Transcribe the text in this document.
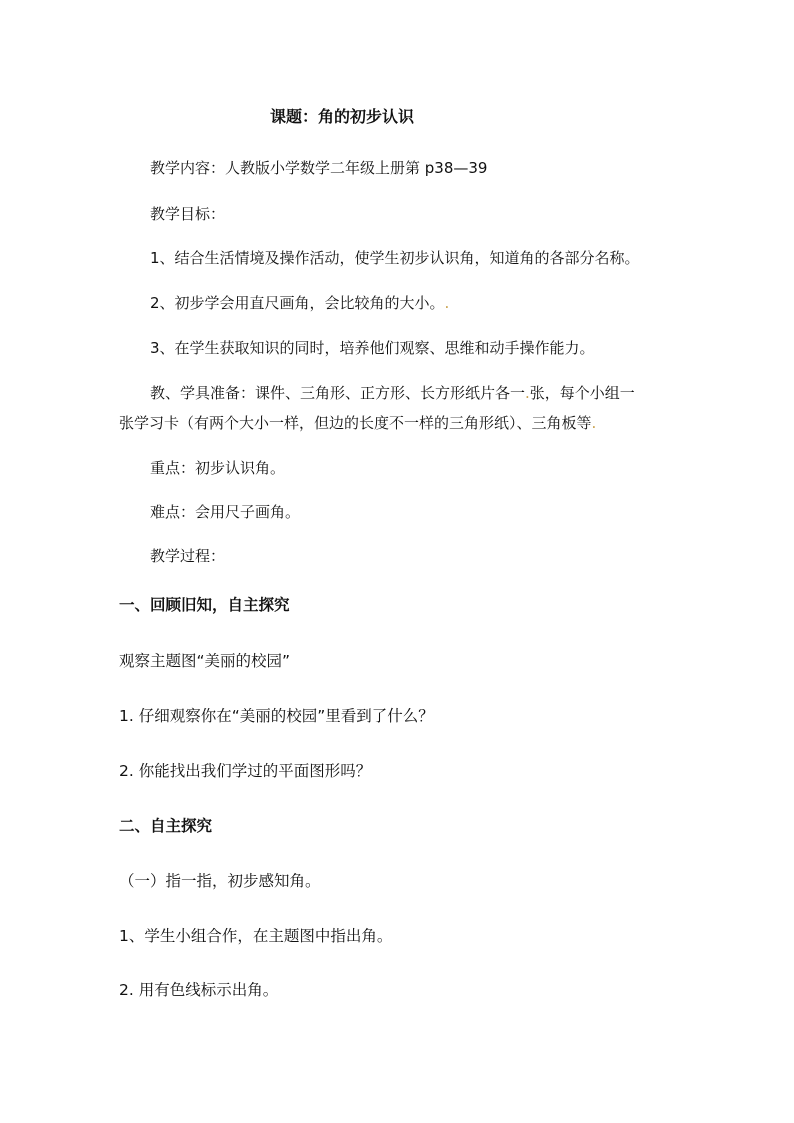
课题：角的初步认识
教学内容：人教版小学数学二年级上册第 p38—39
教学目标：
1、结合生活情境及操作活动，使学生初步认识角，知道角的各部分名称。
2、初步学会用直尺画角，会比较角的大小。.
3、在学生获取知识的同时，培养他们观察、思维和动手操作能力。
教、学具准备：课件、三角形、正方形、长方形纸片各一.张，每个小组一
张学习卡（有两个大小一样，但边的长度不一样的三角形纸）、三角板等.
重点：初步认识角。
难点：会用尺子画角。
教学过程：
一、回顾旧知，自主探究
观察主题图“美丽的校园”
1. 仔细观察你在“美丽的校园”里看到了什么？
2. 你能找出我们学过的平面图形吗？
二、自主探究
（一）指一指，初步感知角。
1、学生小组合作，在主题图中指出角。
2. 用有色线标示出角。
